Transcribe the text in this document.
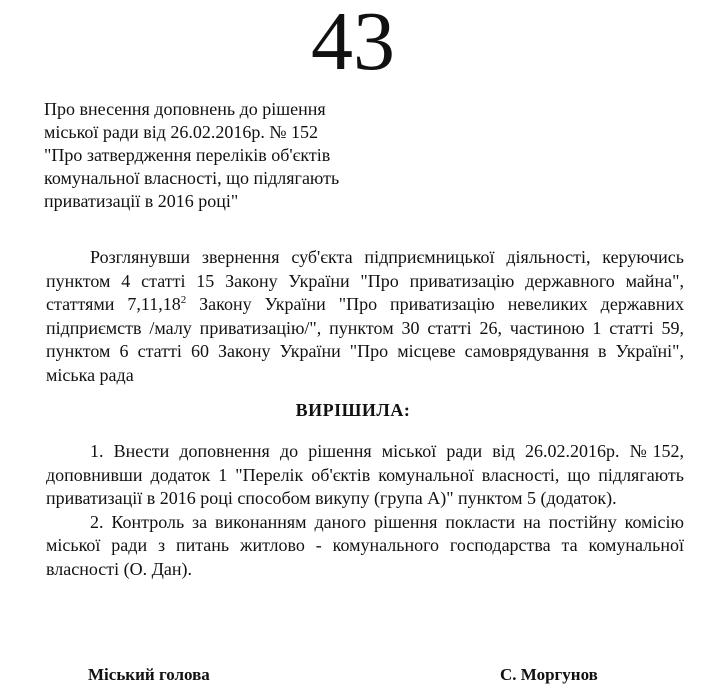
43
Про внесення доповнень до рішення
міської ради від 26.02.2016р. № 152
"Про затвердження переліків об'єктів
комунальної власності, що підлягають
приватизації в 2016 році"
Розглянувши звернення суб'єкта підприємницької діяльності, керуючись
пунктом 4 статті 15 Закону України "Про приватизацію державного майна",
статтями 7,11,18$^2$ Закону України "Про приватизацію невеликих державних
підприємств /малу приватизацію/", пунктом 30 статті 26, частиною 1 статті 59,
пунктом 6 статті 60 Закону України "Про місцеве самоврядування в Україні",
міська рада
ВИРІШИЛА:
1. Внести доповнення до рішення міської ради від 26.02.2016р. №152,
доповнивши додаток 1 "Перелік об'єктів комунальної власності, що підлягають
приватизації в 2016 році способом викупу (група А)" пунктом 5 (додаток).
2. Контроль за виконанням даного рішення покласти на постійну комісію
міської ради з питань житлово - комунального господарства та комунальної
власності (О. Дан).
Міський голова	С. Моргунов
